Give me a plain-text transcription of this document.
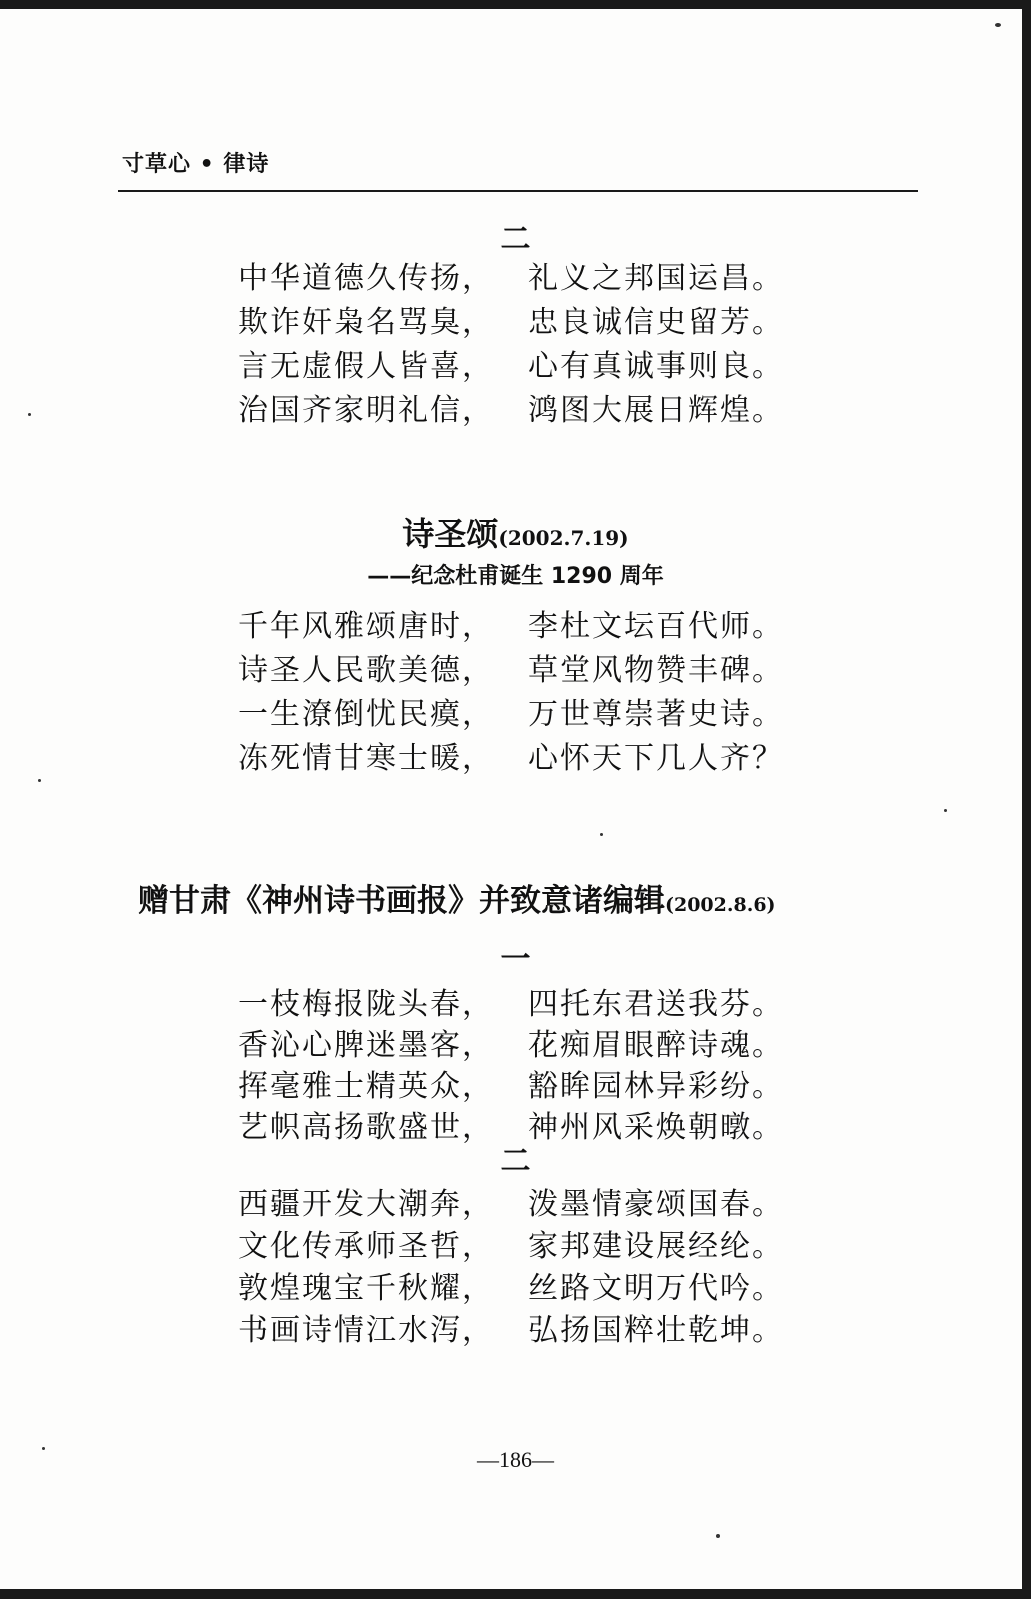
寸草心 • 律诗
二
中华道德久传扬， 礼义之邦国运昌。
欺诈奸枭名骂臭， 忠良诚信史留芳。
言无虚假人皆喜， 心有真诚事则良。
治国齐家明礼信， 鸿图大展日辉煌。
诗圣颂(2002.7.19)
——纪念杜甫诞生 1290 周年
千年风雅颂唐时， 李杜文坛百代师。
诗圣人民歌美德， 草堂风物赞丰碑。
一生潦倒忧民瘼， 万世尊崇著史诗。
冻死情甘寒士暖， 心怀天下几人齐？
赠甘肃《神州诗书画报》并致意诸编辑(2002.8.6)
一
一枝梅报陇头春， 四托东君送我芬。
香沁心脾迷墨客， 花痴眉眼醉诗魂。
挥毫雅士精英众， 豁眸园林异彩纷。
艺帜高扬歌盛世， 神州风采焕朝暾。
二
西疆开发大潮奔， 泼墨情豪颂国春。
文化传承师圣哲， 家邦建设展经纶。
敦煌瑰宝千秋耀， 丝路文明万代吟。
书画诗情江水泻， 弘扬国粹壮乾坤。
—186—
